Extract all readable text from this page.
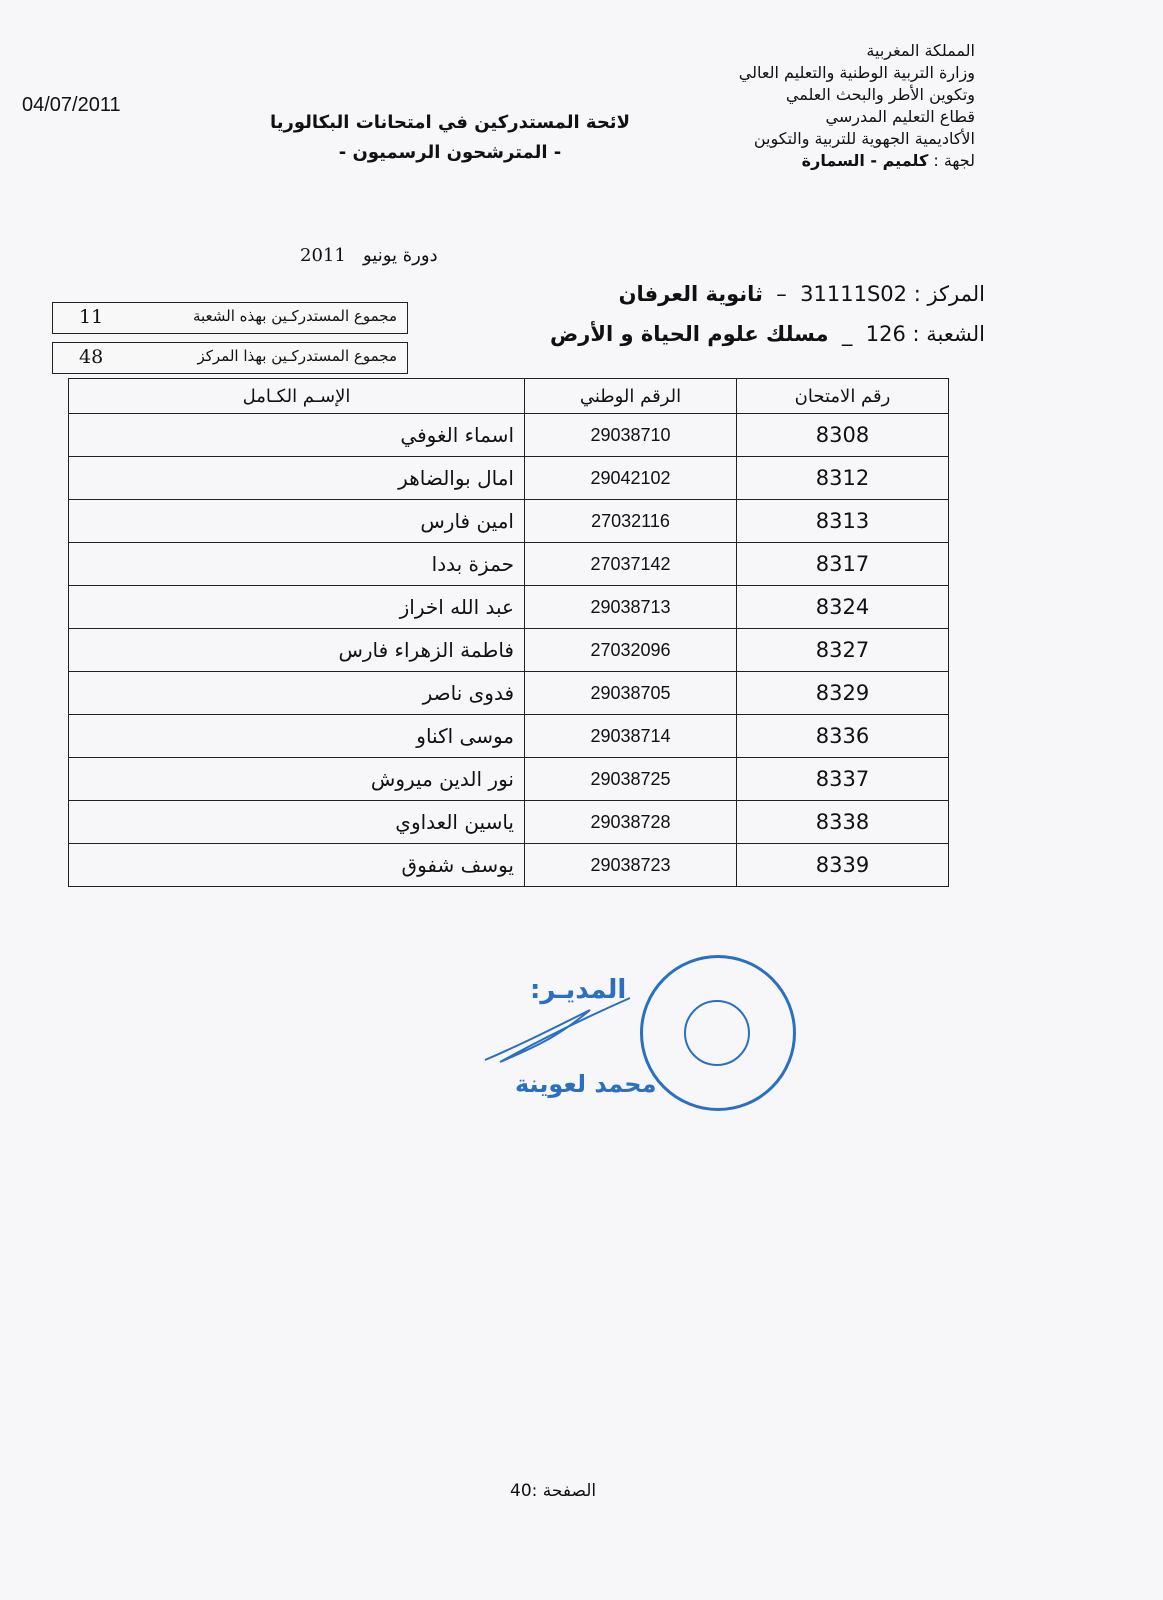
04/07/2011
المملكة المغربية
وزارة التربية الوطنية والتعليم العالي
وتكوين الأطر والبحث العلمي
قطاع التعليم المدرسي
الأكاديمية الجهوية للتربية والتكوين
لجهة : كلميم - السمارة
لائحة المستدركين في امتحانات البكالوريا
- المترشحون الرسميون -
دورة يونيو   2011
المركز : 31111S02  –  ثانوية العرفان
الشعبة : 126  _  مسلك علوم الحياة و الأرض
مجموع المستدركـين بهذه الشعبة
11
مجموع المستدركـين بهذا المركز
48
الإسـم الكـامل	الرقم الوطني	رقم الامتحان
اسماء الغوفي	29038710	8308
امال بوالضاهر	29042102	8312
امين فارس	27032116	8313
حمزة بددا	27037142	8317
عبد الله اخراز	29038713	8324
فاطمة الزهراء فارس	27032096	8327
فدوى ناصر	29038705	8329
موسى اكناو	29038714	8336
نور الدين ميروش	29038725	8337
ياسين العداوي	29038728	8338
يوسف شفوق	29038723	8339
المديـر:
محمد لعوينة
الصفحة :40
